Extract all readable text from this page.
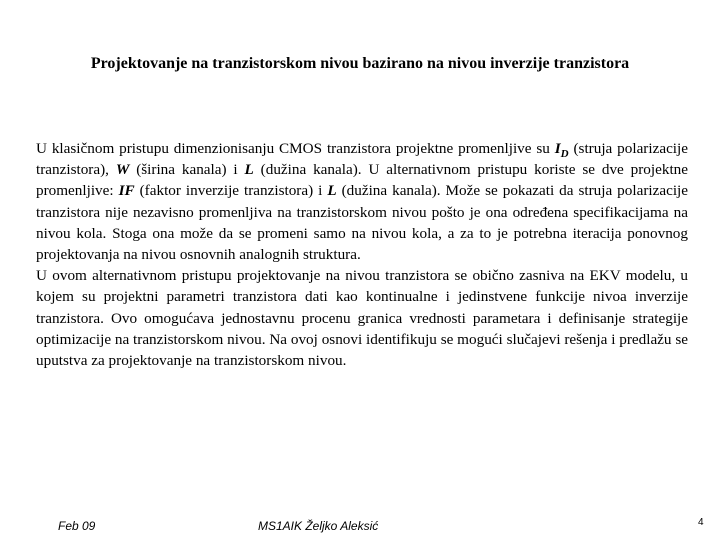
Projektovanje na tranzistorskom nivou bazirano na nivou inverzije tranzistora

U klasičnom pristupu dimenzionisanju CMOS tranzistora projektne promenljive su $I_D$ (struja polarizacije tranzistora), W (širina kanala) i L (dužina kanala). U alternativnom pristupu koriste se dve projektne promenljive: IF (faktor inverzije tranzistora) i L (dužina kanala). Može se pokazati da struja polarizacije tranzistora nije nezavisno promenljiva na tranzistorskom nivou pošto je ona određena specifikacijama na nivou kola. Stoga ona može da se promeni samo na nivou kola, a za to je potrebna iteracija ponovnog projektovanja na nivou osnovnih analognih struktura.

U ovom alternativnom pristupu projektovanje na nivou tranzistora se obično zasniva na EKV modelu, u kojem su projektni parametri tranzistora dati kao kontinualne i jedinstvene funkcije nivoa inverzije tranzistora. Ovo omogućava jednostavnu procenu granica vrednosti parametara i definisanje strategije optimizacije na tranzistorskom nivou. Na ovoj osnovi identifikuju se mogući slučajevi rešenja i predlažu se uputstva za projektovanje na tranzistorskom nivou.

Feb 09	MS1AIK Željko Aleksić	4
